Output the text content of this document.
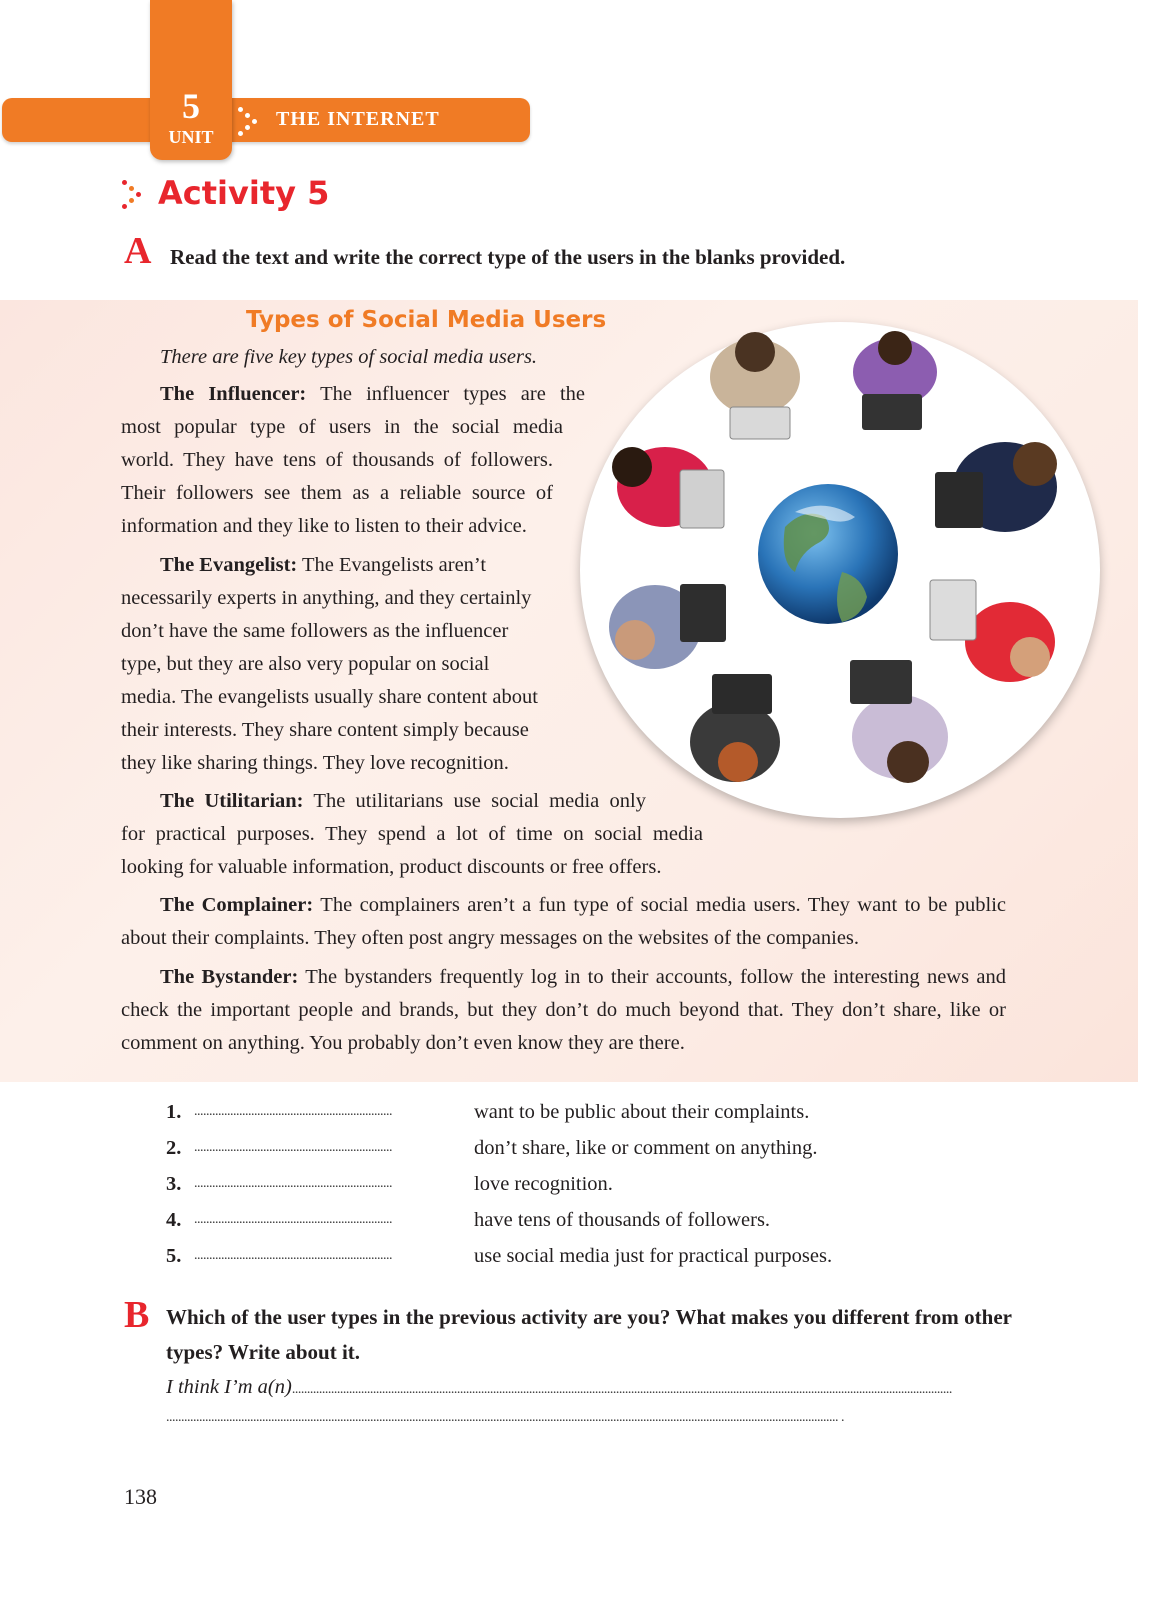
5
UNIT
THE INTERNET
Activity 5
A Read the text and write the correct type of the users in the blanks provided.
Types of Social Media Users
There are five key types of social media users.
The Influencer: The influencer types are the
most popular type of users in the social media
world. They have tens of thousands of followers.
Their followers see them as a reliable source of
information and they like to listen to their advice.
The Evangelist: The Evangelists aren’t
necessarily experts in anything, and they certainly
don’t have the same followers as the influencer
type, but they are also very popular on social
media. The evangelists usually share content about
their interests. They share content simply because
they like sharing things. They love recognition.
The Utilitarian: The utilitarians use social media only
for practical purposes. They spend a lot of time on social media
looking for valuable information, product discounts or free offers.
The Complainer: The complainers aren’t a fun type of social media users. They want to be public
about their complaints. They often post angry messages on the websites of the companies.
The Bystander: The bystanders frequently log in to their accounts, follow the interesting news and
check the important people and brands, but they don’t do much beyond that. They don’t share, like or
comment on anything. You probably don’t even know they are there.
1. ..................................................................	want to be public about their complaints.
2. ..................................................................	don’t share, like or comment on anything.
3. ..................................................................	love recognition.
4. ..................................................................	have tens of thousands of followers.
5. ..................................................................	use social media just for practical purposes.
B Which of the user types in the previous activity are you? What makes you different from other
types? Write about it.
I think I’m a(n)............................................................................................................................................................................................................................
................................................................................................................................................................................................................................ .
138
